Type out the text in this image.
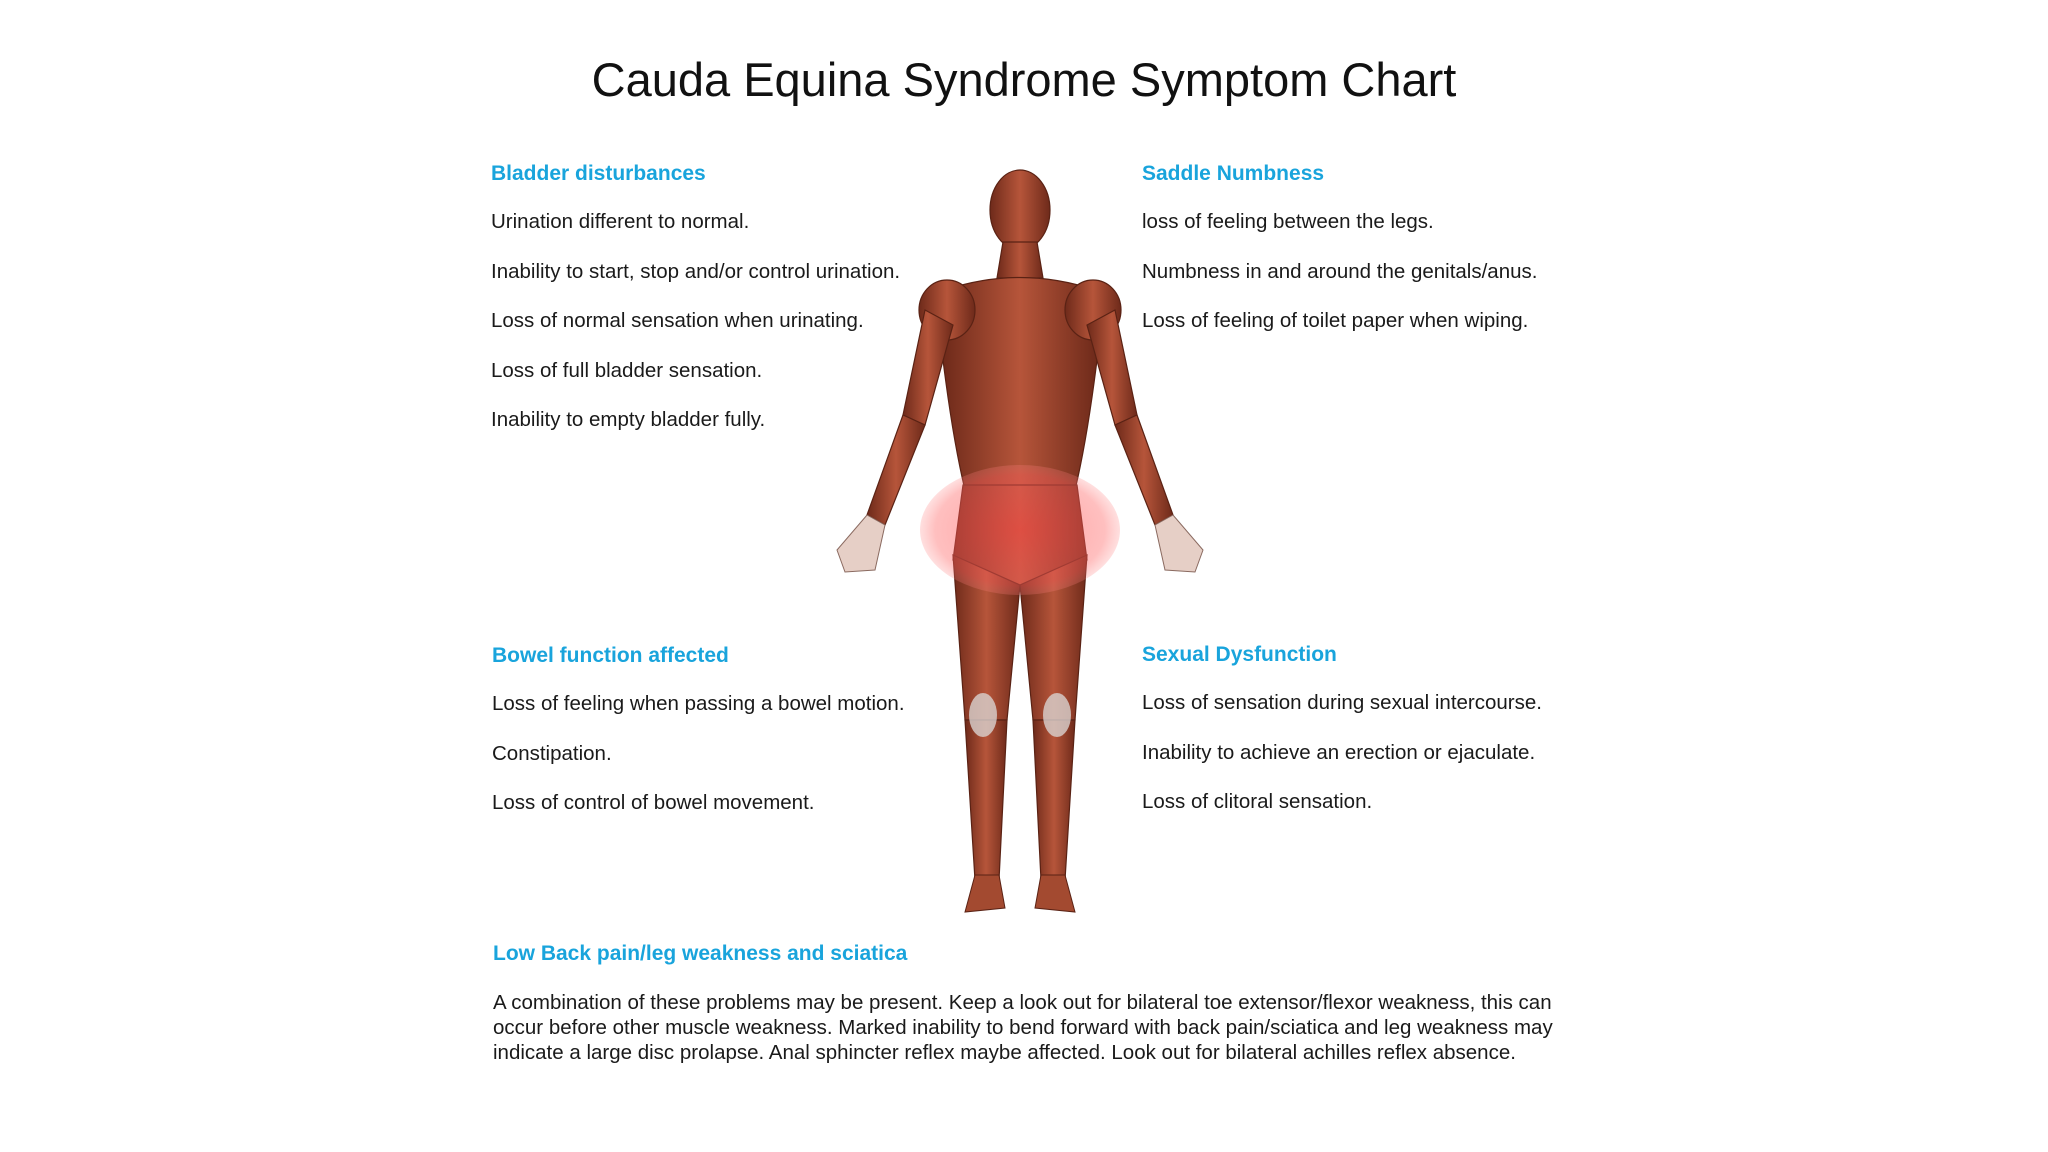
Cauda Equina Syndrome Symptom Chart

Bladder disturbances

Urination different to normal.

Inability to start, stop and/or control urination.

Loss of normal sensation when urinating.

Loss of full bladder sensation.

Inability to empty bladder fully.

Saddle Numbness

loss of feeling between the legs.

Numbness in and around the genitals/anus.

Loss of feeling of toilet paper when wiping.

Bowel function affected

Loss of feeling when passing a bowel motion.

Constipation.

Loss of control of bowel movement.

Sexual Dysfunction

Loss of sensation during sexual intercourse.

Inability to achieve an erection or ejaculate.

Loss of clitoral sensation.

Low Back pain/leg weakness and sciatica

A combination of these problems may be present. Keep a look out for bilateral toe extensor/flexor weakness, this can occur before other muscle weakness. Marked inability to bend forward with back pain/sciatica and leg weakness may indicate a large disc prolapse. Anal sphincter reflex maybe affected. Look out for bilateral achilles reflex absence.
